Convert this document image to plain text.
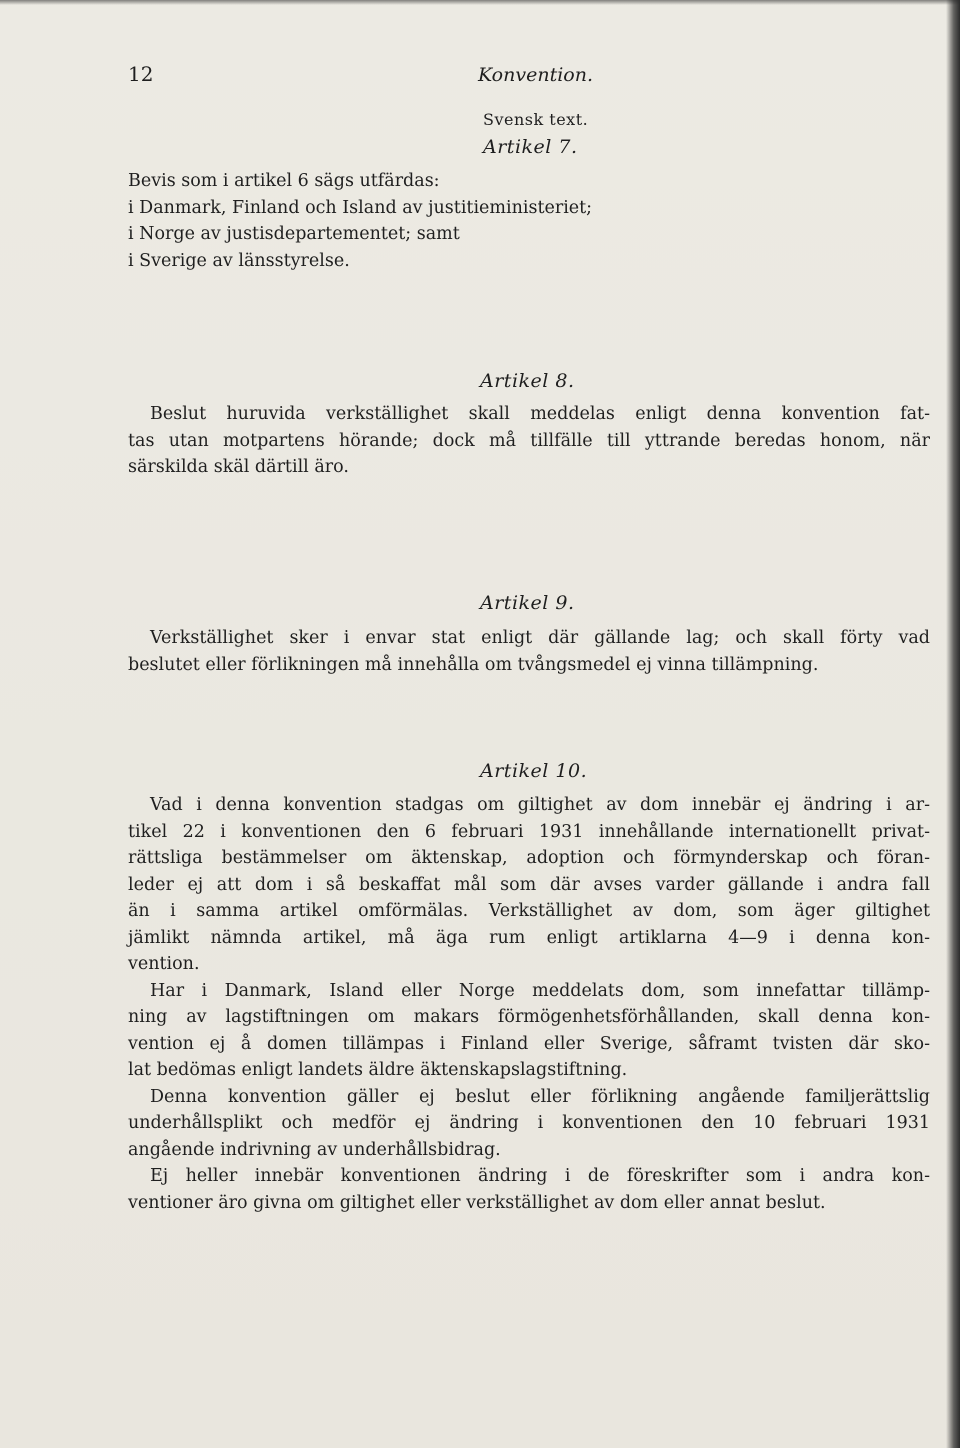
12	Konvention.
Svensk text.
Artikel 7.
Bevis som i artikel 6 sägs utfärdas:
i Danmark, Finland och Island av justitieministeriet;
i Norge av justisdepartementet; samt
i Sverige av länsstyrelse.
Artikel 8.
Beslut huruvida verkställighet skall meddelas enligt denna konvention fat-
tas utan motpartens hörande; dock må tillfälle till yttrande beredas honom, när
särskilda skäl därtill äro.
Artikel 9.
Verkställighet sker i envar stat enligt där gällande lag; och skall förty vad
beslutet eller förlikningen må innehålla om tvångsmedel ej vinna tillämpning.
Artikel 10.
Vad i denna konvention stadgas om giltighet av dom innebär ej ändring i ar-
tikel 22 i konventionen den 6 februari 1931 innehållande internationellt privat-
rättsliga bestämmelser om äktenskap, adoption och förmynderskap och föran-
leder ej att dom i så beskaffat mål som där avses varder gällande i andra fall
än i samma artikel omförmälas. Verkställighet av dom, som äger giltighet
jämlikt nämnda artikel, må äga rum enligt artiklarna 4—9 i denna kon-
vention.
Har i Danmark, Island eller Norge meddelats dom, som innefattar tillämp-
ning av lagstiftningen om makars förmögenhetsförhållanden, skall denna kon-
vention ej å domen tillämpas i Finland eller Sverige, såframt tvisten där sko-
lat bedömas enligt landets äldre äktenskapslagstiftning.
Denna konvention gäller ej beslut eller förlikning angående familjerättslig
underhållsplikt och medför ej ändring i konventionen den 10 februari 1931
angående indrivning av underhållsbidrag.
Ej heller innebär konventionen ändring i de föreskrifter som i andra kon-
ventioner äro givna om giltighet eller verkställighet av dom eller annat beslut.
